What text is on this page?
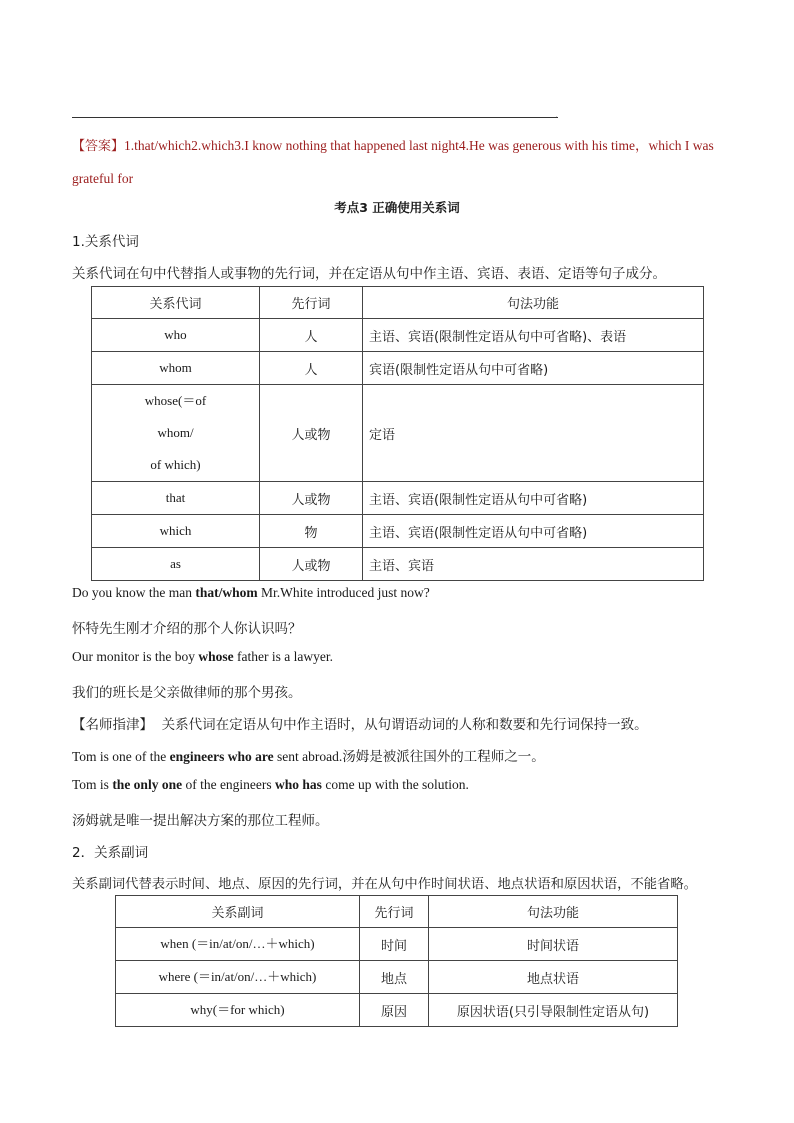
.
【答案】1.that/which2.which3.I know nothing that happened last night4.He was generous with his time，which I was grateful for
考点3 正确使用关系词
1.关系代词
关系代词在句中代替指人或事物的先行词，并在定语从句中作主语、宾语、表语、定语等句子成分。
关系代词	先行词	句法功能
who	人	主语、宾语(限制性定语从句中可省略)、表语
whom	人	宾语(限制性定语从句中可省略)

whose(＝of
whom/
of which)	人或物	定语
that	人或物	主语、宾语(限制性定语从句中可省略)
which	物	主语、宾语(限制性定语从句中可省略)
as	人或物	主语、宾语
Do you know the man that/whom Mr.White introduced just now?
怀特先生刚才介绍的那个人你认识吗？
Our monitor is the boy whose father is a lawyer.
我们的班长是父亲做律师的那个男孩。
【名师指津】 关系代词在定语从句中作主语时，从句谓语动词的人称和数要和先行词保持一致。
Tom is one of the engineers who are sent abroad.汤姆是被派往国外的工程师之一。
Tom is the only one of the engineers who has come up with the solution.
汤姆就是唯一提出解决方案的那位工程师。
2．关系副词
关系副词代替表示时间、地点、原因的先行词，并在从句中作时间状语、地点状语和原因状语，不能省略。
关系副词	先行词	句法功能
when (＝in/at/on/…＋which)	时间	时间状语
where (＝in/at/on/…＋which)	地点	地点状语
why(＝for which)	原因	原因状语(只引导限制性定语从句)
